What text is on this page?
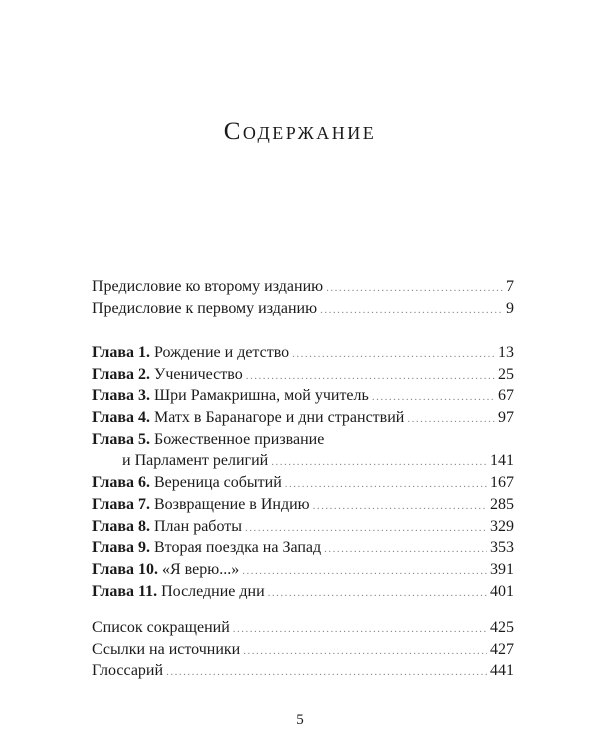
Содержание
Предисловие ко второму изданию .....	7
Предисловие к первому изданию .....	9
Глава 1. Рождение и детство .....	13
Глава 2. Ученичество .....	25
Глава 3. Шри Рамакришна, мой учитель .....	67
Глава 4. Матх в Баранагоре и дни странствий .....	97
Глава 5. Божественное призвание
и Парламент религий .....	141
Глава 6. Вереница событий .....	167
Глава 7. Возвращение в Индию .....	285
Глава 8. План работы .....	329
Глава 9. Вторая поездка на Запад .....	353
Глава 10. «Я верю...» .....	391
Глава 11. Последние дни .....	401
Список сокращений .....	425
Ссылки на источники .....	427
Глоссарий .....	441
5
